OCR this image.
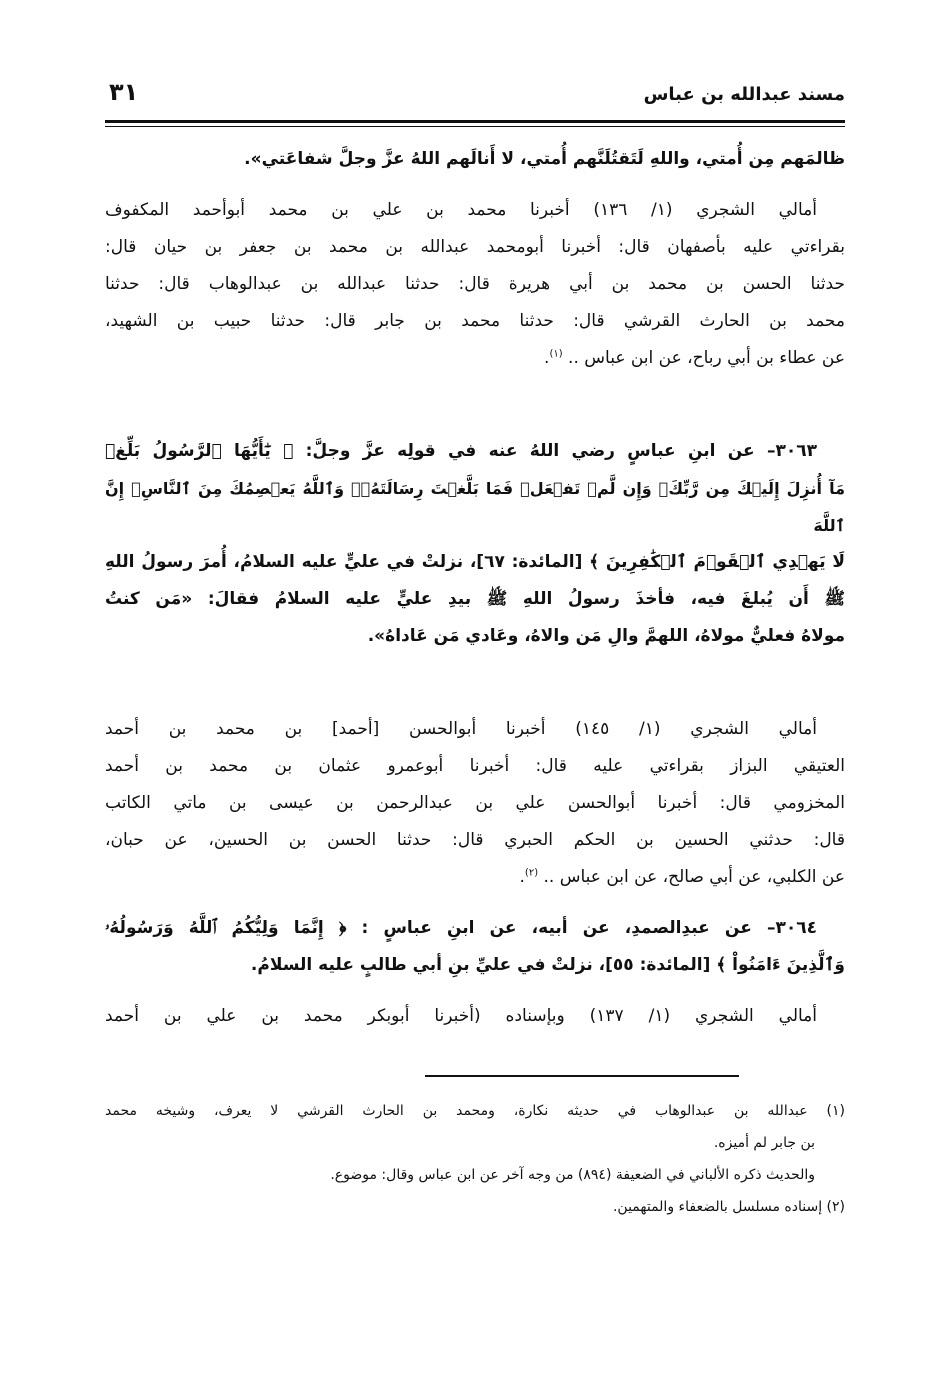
٣١	مسند عبدالله بن عباس
ظالمَهم مِن أُمتي، واللهِ لَتَقتُلَنَّهم أُمتي، لا أَنالَهم اللهُ عزَّ وجلَّ شفاعَتي».
أمالي الشجري (١/ ١٣٦) أخبرنا محمد بن علي بن محمد أبوأحمد المكفوف
بقراءتي عليه بأصفهان قال: أخبرنا أبومحمد عبدالله بن محمد بن جعفر بن حيان قال:
حدثنا الحسن بن محمد بن أبي هريرة قال: حدثنا عبدالله بن عبدالوهاب قال: حدثنا
محمد بن الحارث القرشي قال: حدثنا محمد بن جابر قال: حدثنا حبيب بن الشهيد،
عن عطاء بن أبي رباح، عن ابن عباس .. $^{(١)}$.
٣٠٦٣– عن ابنِ عباسٍ رضي اللهُ عنه في قولِه عزَّ وجلَّ: ﴿ يَٰٓأَيُّهَا ٱلرَّسُولُ بَلِّغۡ
مَآ أُنزِلَ إِلَيۡكَ مِن رَّبِّكَۖ وَإِن لَّمۡ تَفۡعَلۡ فَمَا بَلَّغۡتَ رِسَالَتَهُۥۚ وَٱللَّهُ يَعۡصِمُكَ مِنَ ٱلنَّاسِۗ إِنَّ ٱللَّهَ
لَا يَهۡدِي ٱلۡقَوۡمَ ٱلۡكَٰفِرِينَ ﴾ [المائدة: ٦٧]، نزلتْ في عليٍّ عليه السلامُ، أُمرَ رسولُ اللهِ
ﷺ أَن يُبلغَ فيه، فأخذَ رسولُ اللهِ ﷺ بيدِ عليٍّ عليه السلامُ فقالَ: «مَن كنتُ
مولاهُ فعليٌّ مولاهُ، اللهمَّ والِ مَن والاهُ، وعَادي مَن عَاداهُ».
أمالي الشجري (١/ ١٤٥) أخبرنا أبوالحسن [أحمد] بن محمد بن أحمد
العتيقي البزاز بقراءتي عليه قال: أخبرنا أبوعمرو عثمان بن محمد بن أحمد
المخزومي قال: أخبرنا أبوالحسن علي بن عبدالرحمن بن عيسى بن ماتي الكاتب
قال: حدثني الحسين بن الحكم الحبري قال: حدثنا الحسن بن الحسين، عن حبان،
عن الكلبي، عن أبي صالح، عن ابن عباس .. $^{(٢)}$.
٣٠٦٤– عن عبدِالصمدِ، عن أبيه، عن ابنِ عباسٍ : ﴿ إِنَّمَا وَلِيُّكُمُ ٱللَّهُ وَرَسُولُهُۥ
وَٱلَّذِينَ ءَامَنُواْ ﴾ [المائدة: ٥٥]، نزلتْ في عليِّ بنِ أبي طالبٍ عليه السلامُ.
أمالي الشجري (١/ ١٣٧) وبإسناده (أخبرنا أبوبكر محمد بن علي بن أحمد
(١) عبدالله بن عبدالوهاب في حديثه نكارة، ومحمد بن الحارث القرشي لا يعرف، وشيخه محمد
بن جابر لم أميزه.
والحديث ذكره الألباني في الضعيفة (٨٩٤) من وجه آخر عن ابن عباس وقال: موضوع.
(٢) إسناده مسلسل بالضعفاء والمتهمين.
